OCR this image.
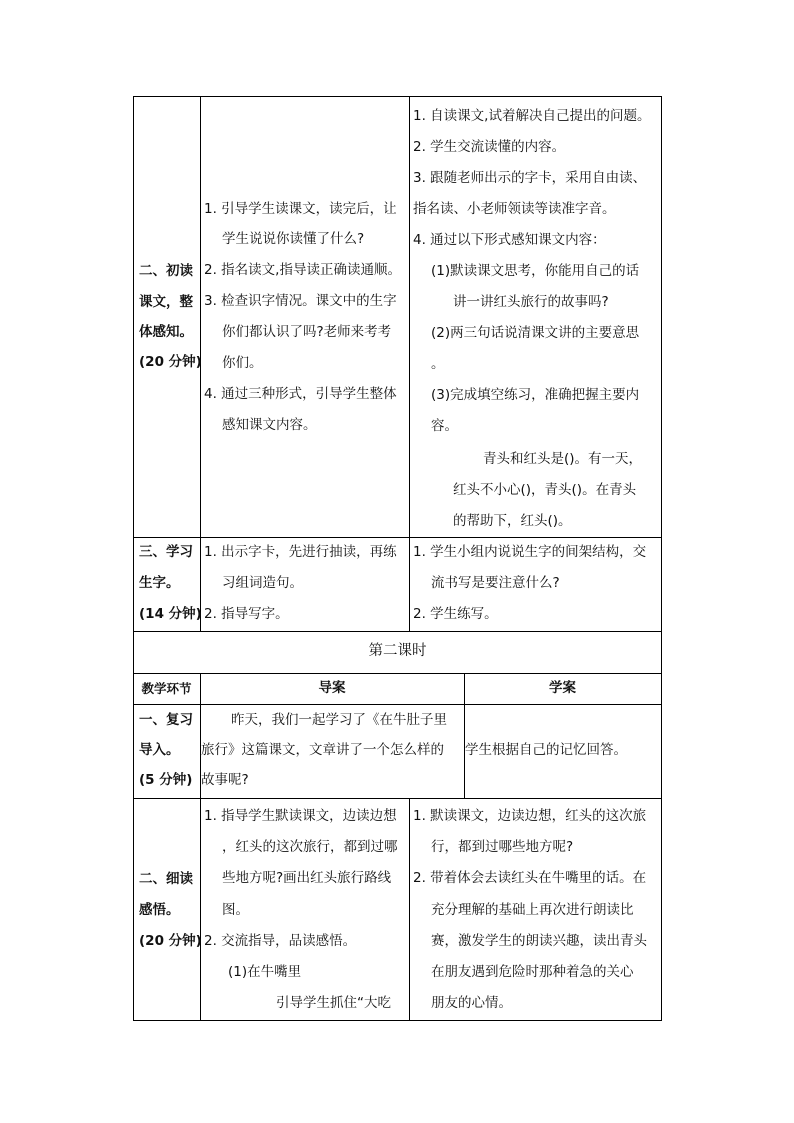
二、初读
课文，整
体感知。
(20 分钟)
1. 引导学生读课文，读完后，让
学生说说你读懂了什么?
2. 指名读文,指导读正确读通顺。
3. 检查识字情况。课文中的生字
你们都认识了吗?老师来考考
你们。
4. 通过三种形式，引导学生整体
感知课文内容。
1. 自读课文,试着解决自己提出的问题。
2. 学生交流读懂的内容。
3. 跟随老师出示的字卡，采用自由读、
指名读、小老师领读等读准字音。
4. 通过以下形式感知课文内容：
(1)默读课文思考，你能用自己的话
讲一讲红头旅行的故事吗?
(2)两三句话说清课文讲的主要意思
。
(3)完成填空练习，准确把握主要内
容。
青头和红头是()。有一天，
红头不小心()，青头()。在青头
的帮助下，红头()。
三、学习
生字。
(14 分钟)
1. 出示字卡，先进行抽读，再练
习组词造句。
2. 指导写字。
1. 学生小组内说说生字的间架结构，交
流书写是要注意什么?
2. 学生练写。
第二课时
教学环节	导案	学案
一、复习
导入。
(5 分钟)
昨天，我们一起学习了《在牛肚子里
旅行》这篇课文，文章讲了一个怎么样的
故事呢?
学生根据自己的记忆回答。
二、细读
感悟。
(20 分钟)
1. 指导学生默读课文，边读边想
，红头的这次旅行，都到过哪
些地方呢?画出红头旅行路线
图。
2. 交流指导，品读感悟。
(1)在牛嘴里
引导学生抓住“大吃
1. 默读课文，边读边想，红头的这次旅
行，都到过哪些地方呢?
2. 带着体会去读红头在牛嘴里的话。在
充分理解的基础上再次进行朗读比
赛，激发学生的朗读兴趣，读出青头
在朋友遇到危险时那种着急的关心
朋友的心情。
